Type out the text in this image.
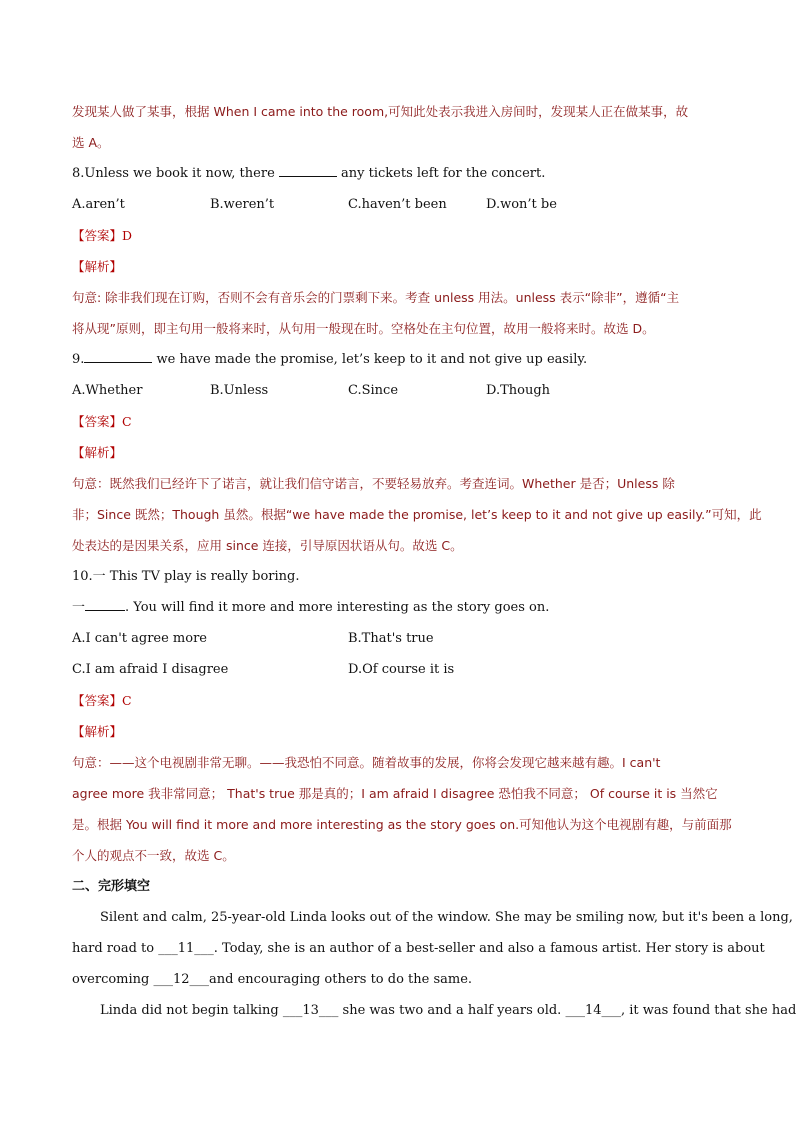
发现某人做了某事，根据 When I came into the room,可知此处表示我进入房间时，发现某人正在做某事，故
选 A。
8.Unless we book it now, there	any tickets left for the concert.
A.aren’t	B.weren’t	C.haven’t been	D.won’t be
【答案】D
【解析】
句意: 除非我们现在订购，否则不会有音乐会的门票剩下来。考查 unless 用法。unless 表示“除非”，遵循“主
将从现”原则，即主句用一般将来时，从句用一般现在时。空格处在主句位置，故用一般将来时。故选 D。
9.	we have made the promise, let’s keep to it and not give up easily.
A.Whether	B.Unless	C.Since	D.Though
【答案】C
【解析】
句意：既然我们已经许下了诺言，就让我们信守诺言，不要轻易放弃。考查连词。Whether 是否；Unless 除
非；Since 既然；Though 虽然。根据“we have made the promise, let’s keep to it and not give up easily.”可知，此
处表达的是因果关系，应用 since 连接，引导原因状语从句。故选 C。
10.一 This TV play is really boring.
一	. You will find it more and more interesting as the story goes on.
A.I can't agree more	B.That's true
C.I am afraid I disagree	D.Of course it is
【答案】C
【解析】
句意：——这个电视剧非常无聊。——我恐怕不同意。随着故事的发展，你将会发现它越来越有趣。I can't
agree more 我非常同意； That's true 那是真的；I am afraid I disagree 恐怕我不同意； Of course it is 当然它
是。根据 You will find it more and more interesting as the story goes on.可知他认为这个电视剧有趣，与前面那
个人的观点不一致，故选 C。
二、完形填空
Silent and calm, 25-year-old Linda looks out of the window. She may be smiling now, but it's been a long,
hard road to ___11___. Today, she is an author of a best-seller and also a famous artist. Her story is about
overcoming ___12___and encouraging others to do the same.
Linda did not begin talking ___13___ she was two and a half years old. ___14___, it was found that she had
